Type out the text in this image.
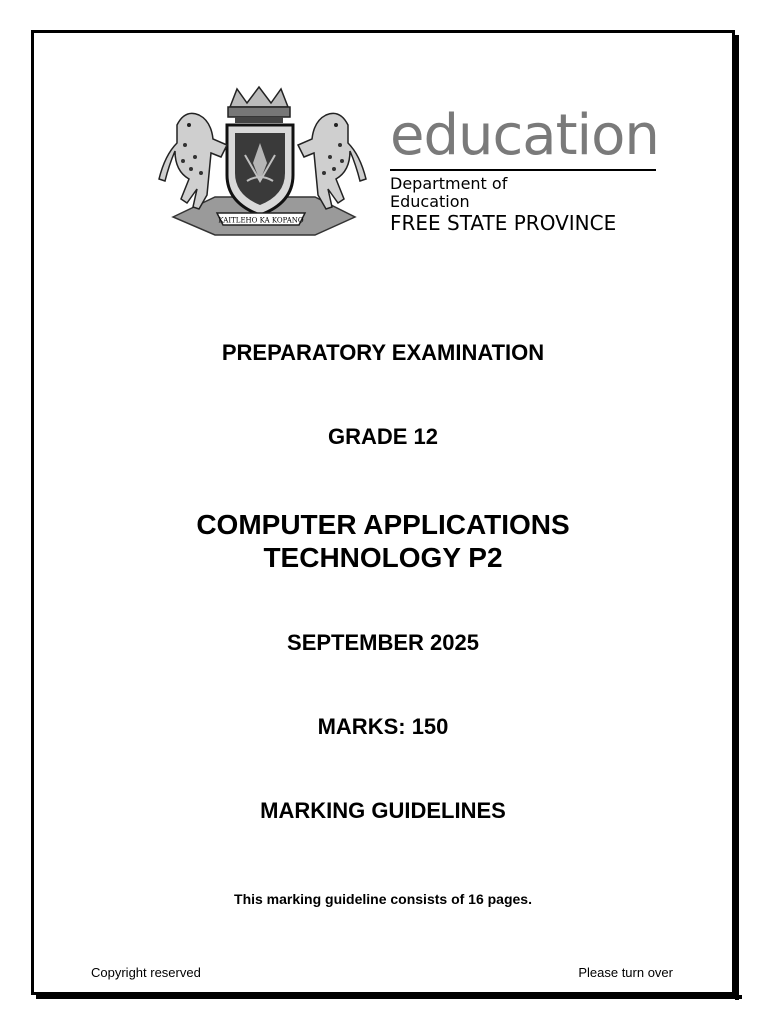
KAITLEHO KA KOPANO
education
Department of
Education
FREE STATE PROVINCE
PREPARATORY EXAMINATION
GRADE 12
COMPUTER APPLICATIONS
TECHNOLOGY P2
SEPTEMBER 2025
MARKS: 150
MARKING GUIDELINES
This marking guideline consists of 16 pages.
Copyright reserved	Please turn over
